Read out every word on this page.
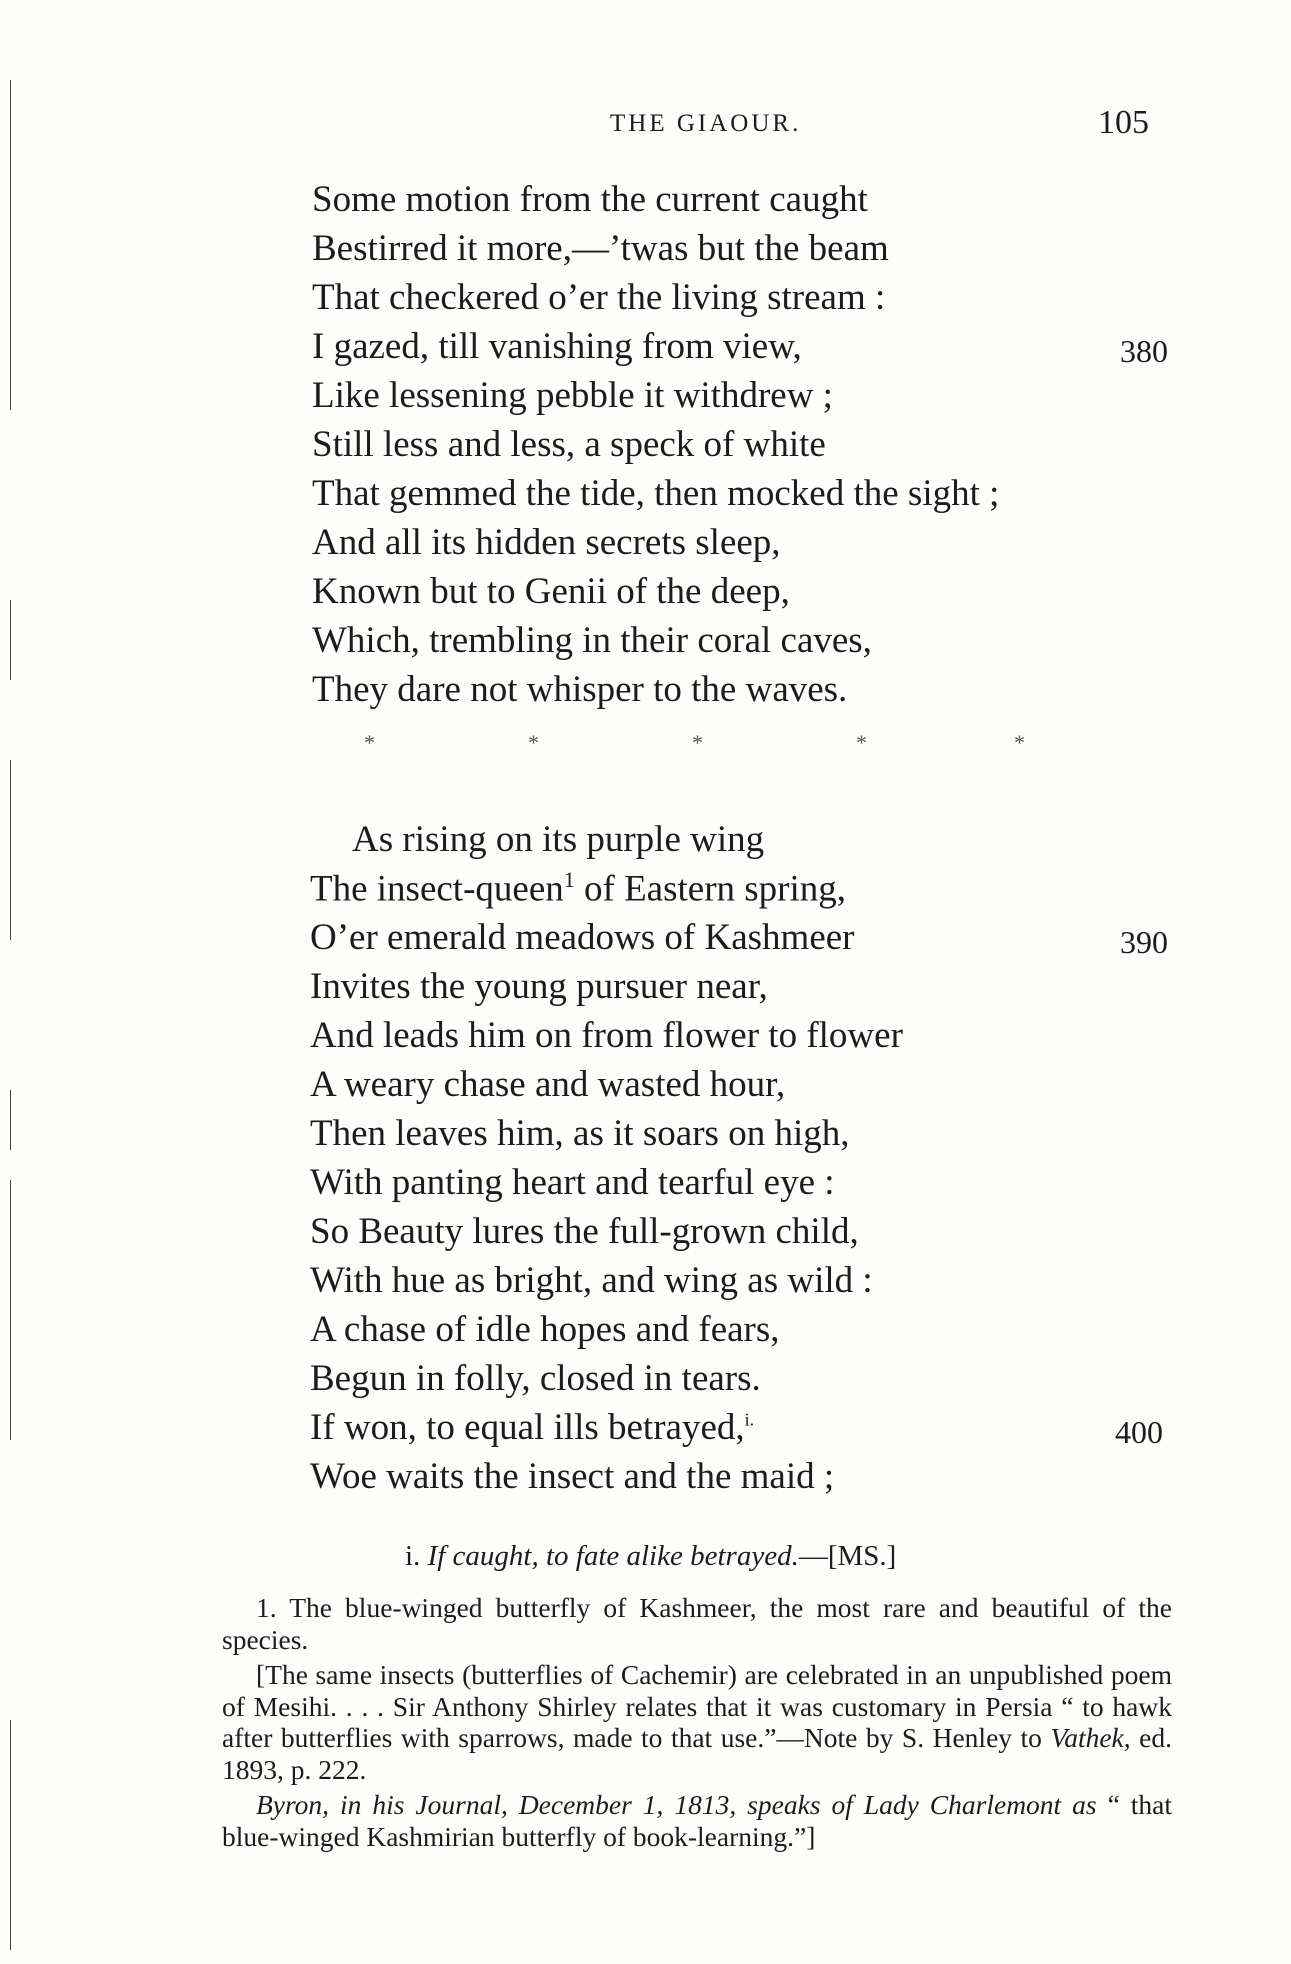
THE GIAOUR.	105
Some motion from the current caught
Bestirred it more,—’twas but the beam
That checkered o’er the living stream :
I gazed, till vanishing from view,	380
Like lessening pebble it withdrew ;
Still less and less, a speck of white
That gemmed the tide, then mocked the sight ;
And all its hidden secrets sleep,
Known but to Genii of the deep,
Which, trembling in their coral caves,
They dare not whisper to the waves.
*	*	*	*	*
As rising on its purple wing
The insect-queen$^1$ of Eastern spring,
O’er emerald meadows of Kashmeer	390
Invites the young pursuer near,
And leads him on from flower to flower
A weary chase and wasted hour,
Then leaves him, as it soars on high,
With panting heart and tearful eye :
So Beauty lures the full-grown child,
With hue as bright, and wing as wild :
A chase of idle hopes and fears,
Begun in folly, closed in tears.
If won, to equal ills betrayed,$^{i.}$	400
Woe waits the insect and the maid ;
i. If caught, to fate alike betrayed.—[MS.]

1. The blue-winged butterfly of Kashmeer, the most rare and beautiful of the species.

[The same insects (butterflies of Cachemir) are celebrated in an unpublished poem of Mesihi. . . . Sir Anthony Shirley relates that it was customary in Persia “ to hawk after butterflies with sparrows, made to that use.”—Note by S. Henley to Vathek, ed. 1893, p. 222.

Byron, in his Journal, December 1, 1813, speaks of Lady Charlemont as “ that blue-winged Kashmirian butterfly of book-learning.”]
